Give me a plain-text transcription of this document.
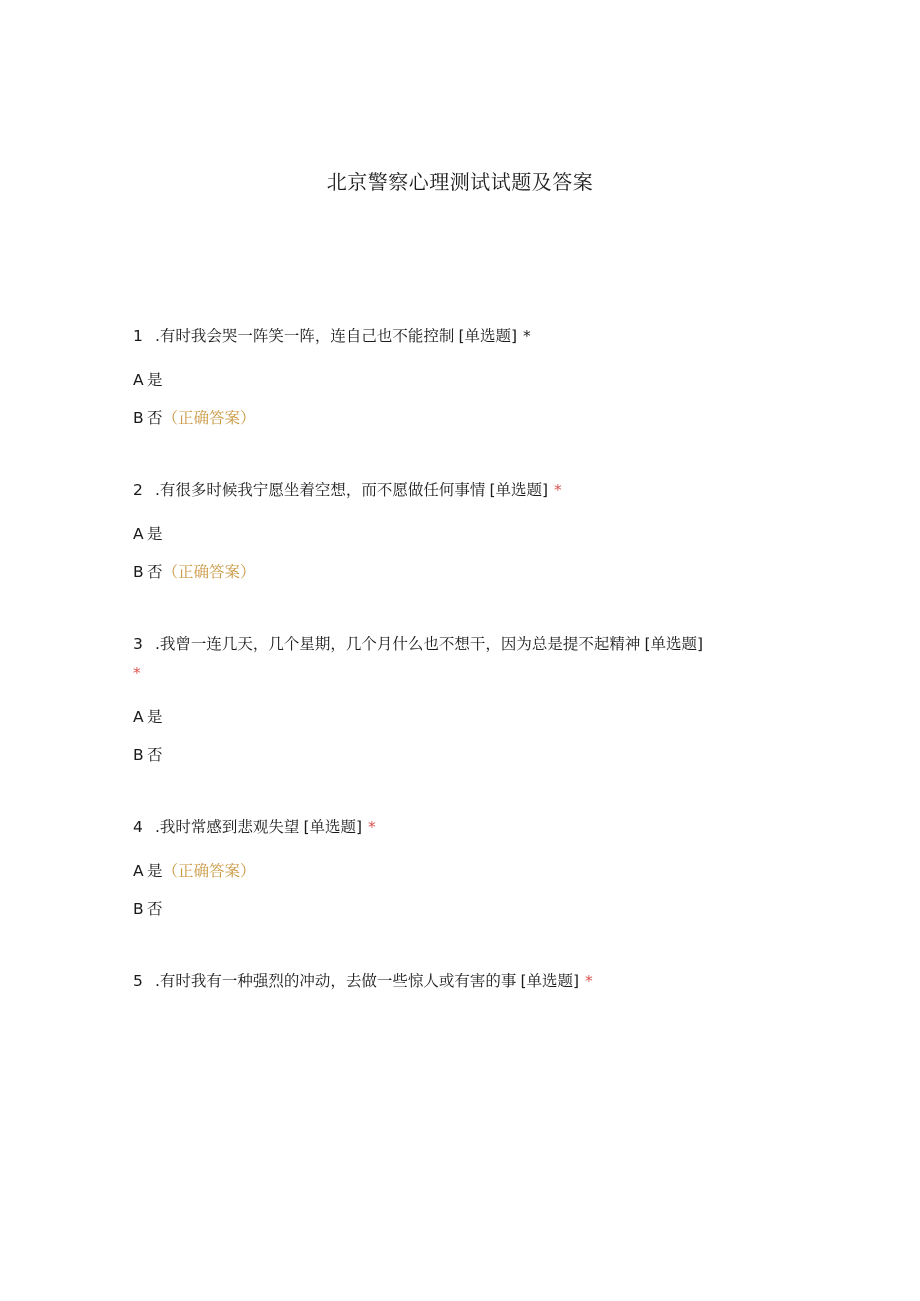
北京警察心理测试试题及答案

1 .有时我会哭一阵笑一阵，连自己也不能控制 [单选题] *

A 是

B 否（正确答案）

2 .有很多时候我宁愿坐着空想，而不愿做任何事情 [单选题] *

A 是

B 否（正确答案）

3 .我曾一连几天，几个星期，几个月什么也不想干，因为总是提不起精神 [单选题]
*

A 是

B 否

4 .我时常感到悲观失望 [单选题] *

A 是（正确答案）

B 否

5 .有时我有一种强烈的冲动，去做一些惊人或有害的事 [单选题] *
